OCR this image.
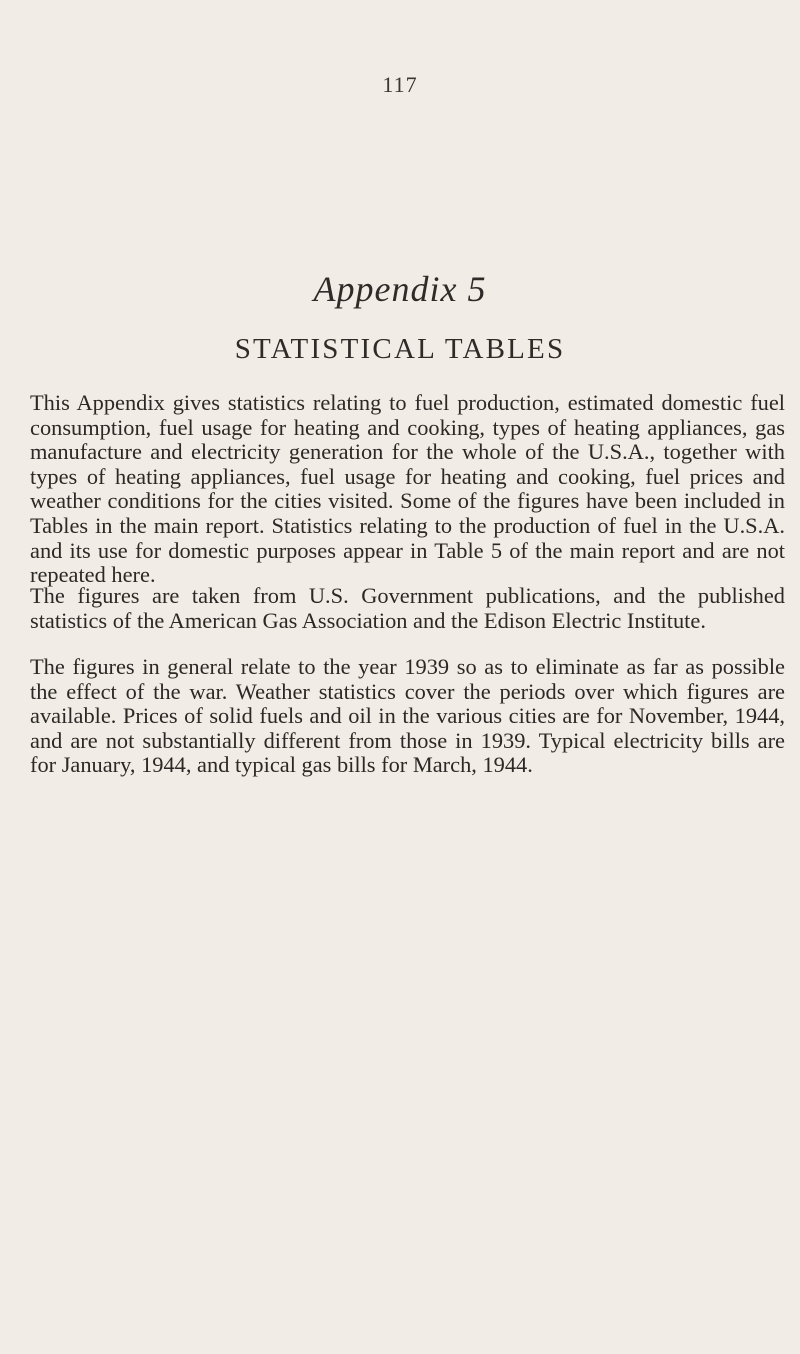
117
Appendix 5
STATISTICAL TABLES

This Appendix gives statistics relating to fuel production, estimated domestic fuel consumption, fuel usage for heating and cooking, types of heating appliances, gas manufacture and electricity generation for the whole of the U.S.A., together with types of heating appliances, fuel usage for heating and cooking, fuel prices and weather conditions for the cities visited. Some of the figures have been included in Tables in the main report. Statistics relating to the production of fuel in the U.S.A. and its use for domestic purposes appear in Table 5 of the main report and are not repeated here.

The figures are taken from U.S. Government publications, and the published statistics of the American Gas Association and the Edison Electric Institute.

The figures in general relate to the year 1939 so as to eliminate as far as possible the effect of the war. Weather statistics cover the periods over which figures are available. Prices of solid fuels and oil in the various cities are for November, 1944, and are not substantially different from those in 1939. Typical electricity bills are for January, 1944, and typical gas bills for March, 1944.
